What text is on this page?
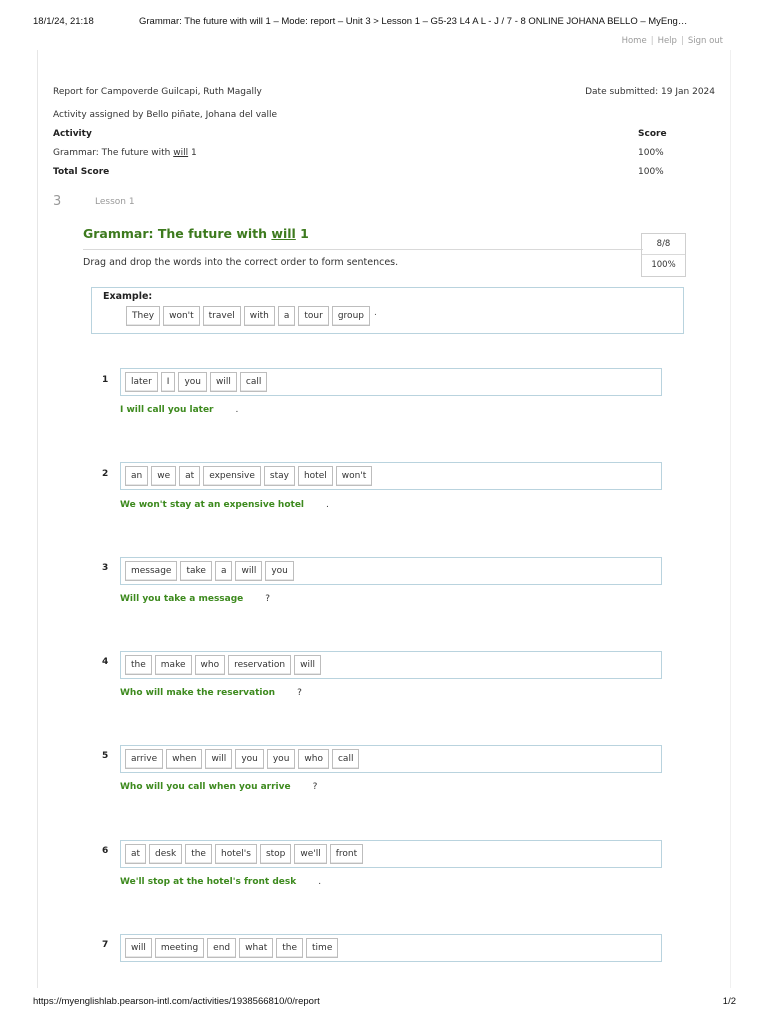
18/1/24, 21:18	Grammar: The future with will 1 – Mode: report – Unit 3 > Lesson 1 – G5-23 L4 A L - J / 7 - 8 ONLINE JOHANA BELLO – MyEng…
Home | Help | Sign out
Report for Campoverde Guilcapi, Ruth Magally	Date submitted: 19 Jan 2024
Activity assigned by Bello piñate, Johana del valle
Activity	Score
Grammar: The future with will 1	100%
Total Score	100%
3	Lesson 1
Grammar: The future with will 1
8/8
100%
Drag and drop the words into the correct order to form sentences.
Example:
They	won't	travel	with	a	tour	group	.
1	later	I	you	will	call
I will call you later .
2	an	we	at	expensive	stay	hotel	won't
We won't stay at an expensive hotel .
3	message	take	a	will	you
Will you take a message ?
4	the	make	who	reservation	will
Who will make the reservation ?
5	arrive	when	will	you	you	who	call
Who will you call when you arrive ?
6	at	desk	the	hotel's	stop	we'll	front
We'll stop at the hotel's front desk .
7	will	meeting	end	what	the	time
https://myenglishlab.pearson-intl.com/activities/1938566810/0/report	1/2
